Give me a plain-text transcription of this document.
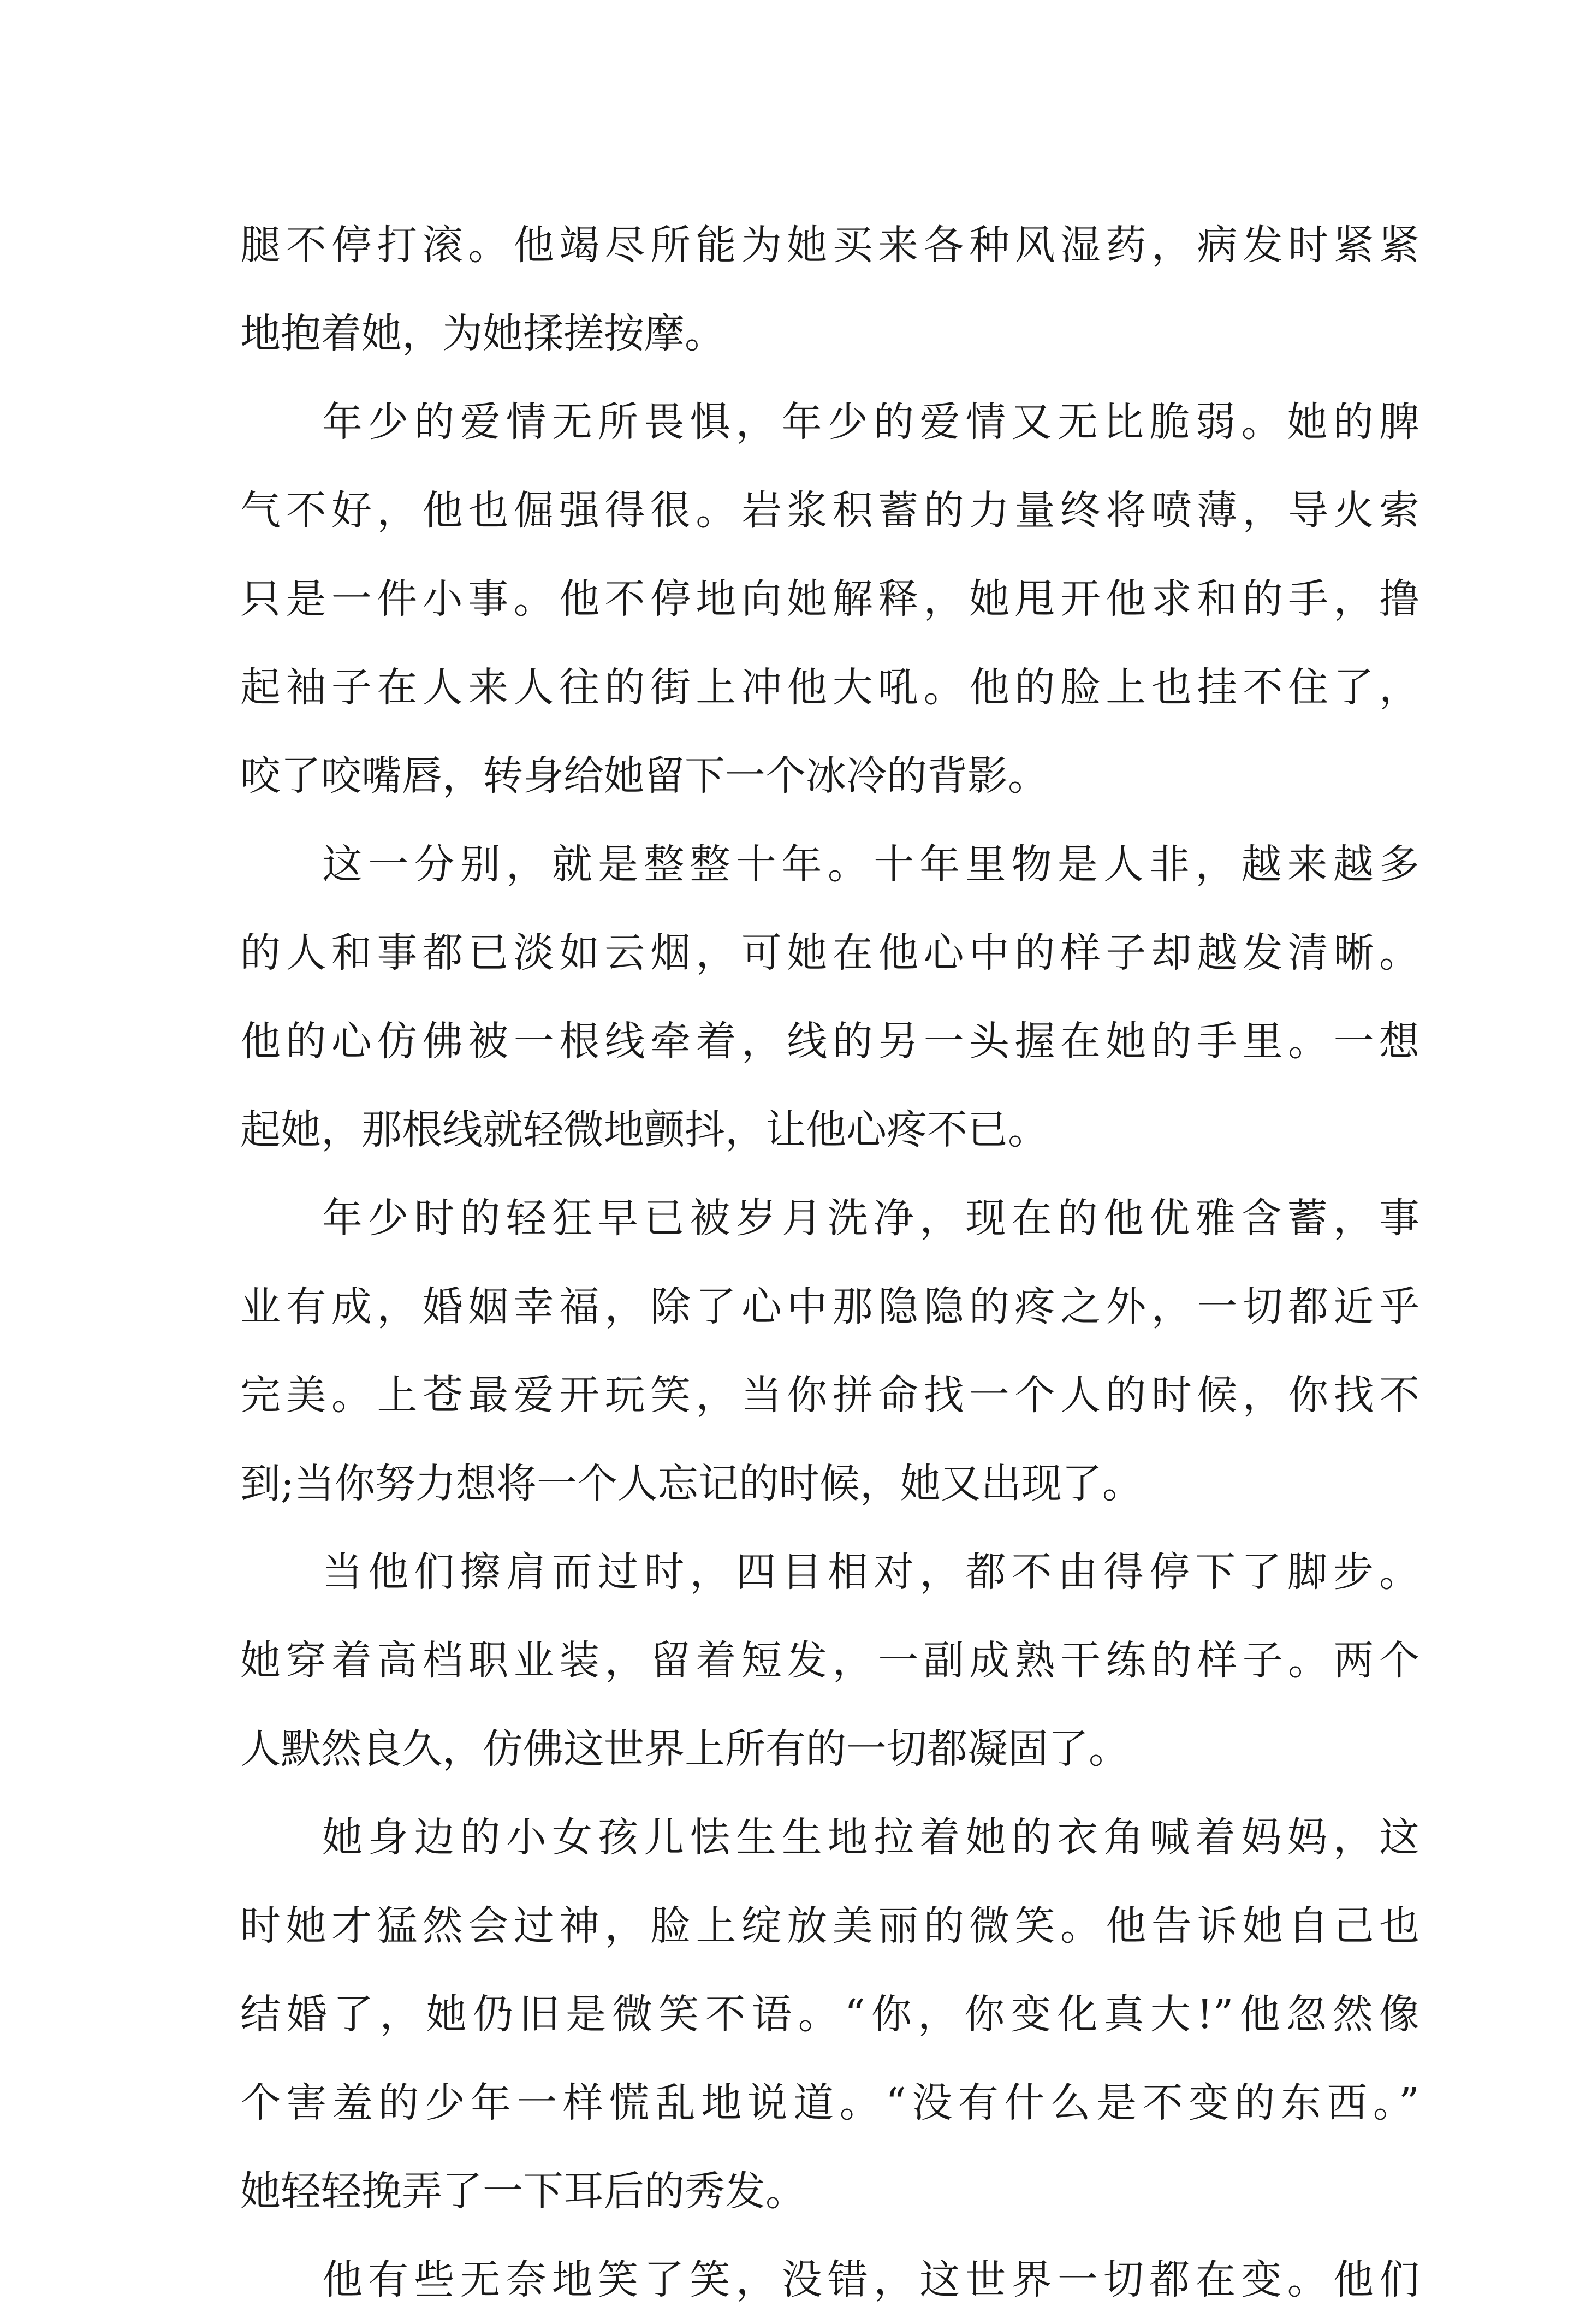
腿不停打滚。他竭尽所能为她买来各种风湿药，病发时紧紧
地抱着她，为她揉搓按摩。

年少的爱情无所畏惧，年少的爱情又无比脆弱。她的脾
气不好，他也倔强得很。岩浆积蓄的力量终将喷薄，导火索
只是一件小事。他不停地向她解释，她甩开他求和的手，撸
起袖子在人来人往的街上冲他大吼。他的脸上也挂不住了，
咬了咬嘴唇，转身给她留下一个冰冷的背影。

这一分别，就是整整十年。十年里物是人非，越来越多
的人和事都已淡如云烟，可她在他心中的样子却越发清晰。
他的心仿佛被一根线牵着，线的另一头握在她的手里。一想
起她，那根线就轻微地颤抖，让他心疼不已。

年少时的轻狂早已被岁月洗净，现在的他优雅含蓄，事
业有成，婚姻幸福，除了心中那隐隐的疼之外，一切都近乎
完美。上苍最爱开玩笑，当你拼命找一个人的时候，你找不
到;当你努力想将一个人忘记的时候，她又出现了。

当他们擦肩而过时，四目相对，都不由得停下了脚步。
她穿着高档职业装，留着短发，一副成熟干练的样子。两个
人默然良久，仿佛这世界上所有的一切都凝固了。

她身边的小女孩儿怯生生地拉着她的衣角喊着妈妈，这
时她才猛然会过神，脸上绽放美丽的微笑。他告诉她自己也
结婚了，她仍旧是微笑不语。“你，你变化真大!”他忽然像
个害羞的少年一样慌乱地说道。“没有什么是不变的东西。”
她轻轻挽弄了一下耳后的秀发。

他有些无奈地笑了笑，没错，这世界一切都在变。他们
